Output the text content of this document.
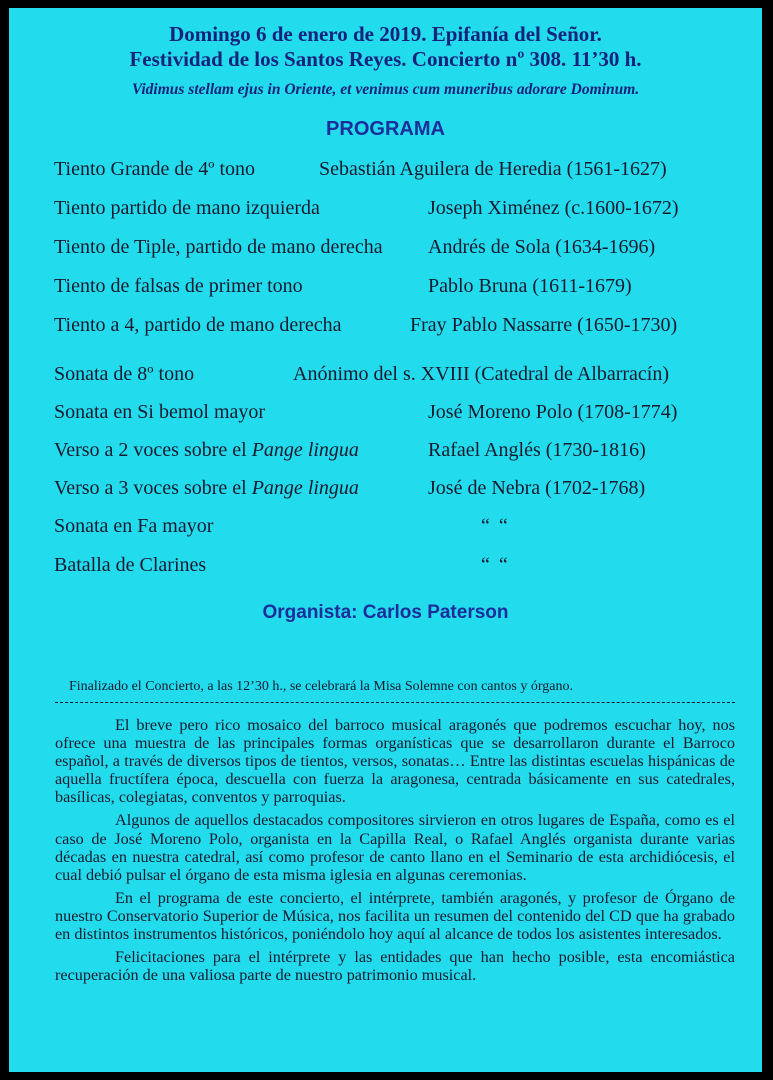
Domingo 6 de enero de 2019. Epifanía del Señor.
Festividad de los Santos Reyes. Concierto nº 308. 11’30 h.
Vidimus stellam ejus in Oriente, et venimus cum muneribus adorare Dominum.
PROGRAMA
Tiento Grande de 4º tono	Sebastián Aguilera de Heredia (1561-1627)
Tiento partido de mano izquierda	Joseph Ximénez (c.1600-1672)
Tiento de Tiple, partido de mano derecha Andrés de Sola (1634-1696)
Tiento de falsas de primer tono	Pablo Bruna (1611-1679)
Tiento a 4, partido de mano derecha	Fray Pablo Nassarre (1650-1730)
Sonata de 8º tono	Anónimo del s. XVIII (Catedral de Albarracín)
Sonata en Si bemol mayor	José Moreno Polo (1708-1774)
Verso a 2 voces sobre el Pange lingua	Rafael Anglés (1730-1816)
Verso a 3 voces sobre el Pange lingua	José de Nebra (1702-1768)
Sonata en Fa mayor	“ “
Batalla de Clarines	“ “
Organista: Carlos Paterson
Finalizado el Concierto, a las 12’30 h., se celebrará la Misa Solemne con cantos y órgano.

El breve pero rico mosaico del barroco musical aragonés que podremos escuchar hoy, nos ofrece una muestra de las principales formas organísticas que se desarrollaron durante el Barroco español, a través de diversos tipos de tientos, versos, sonatas… Entre las distintas escuelas hispánicas de aquella fructífera época, descuella con fuerza la aragonesa, centrada básicamente en sus catedrales, basílicas, colegiatas, conventos y parroquias.

Algunos de aquellos destacados compositores sirvieron en otros lugares de España, como es el caso de José Moreno Polo, organista en la Capilla Real, o Rafael Anglés organista durante varias décadas en nuestra catedral, así como profesor de canto llano en el Seminario de esta archidiócesis, el cual debió pulsar el órgano de esta misma iglesia en algunas ceremonias.

En el programa de este concierto, el intérprete, también aragonés, y profesor de Órgano de nuestro Conservatorio Superior de Música, nos facilita un resumen del contenido del CD que ha grabado en distintos instrumentos históricos, poniéndolo hoy aquí al alcance de todos los asistentes interesados.

Felicitaciones para el intérprete y las entidades que han hecho posible, esta encomiástica recuperación de una valiosa parte de nuestro patrimonio musical.
